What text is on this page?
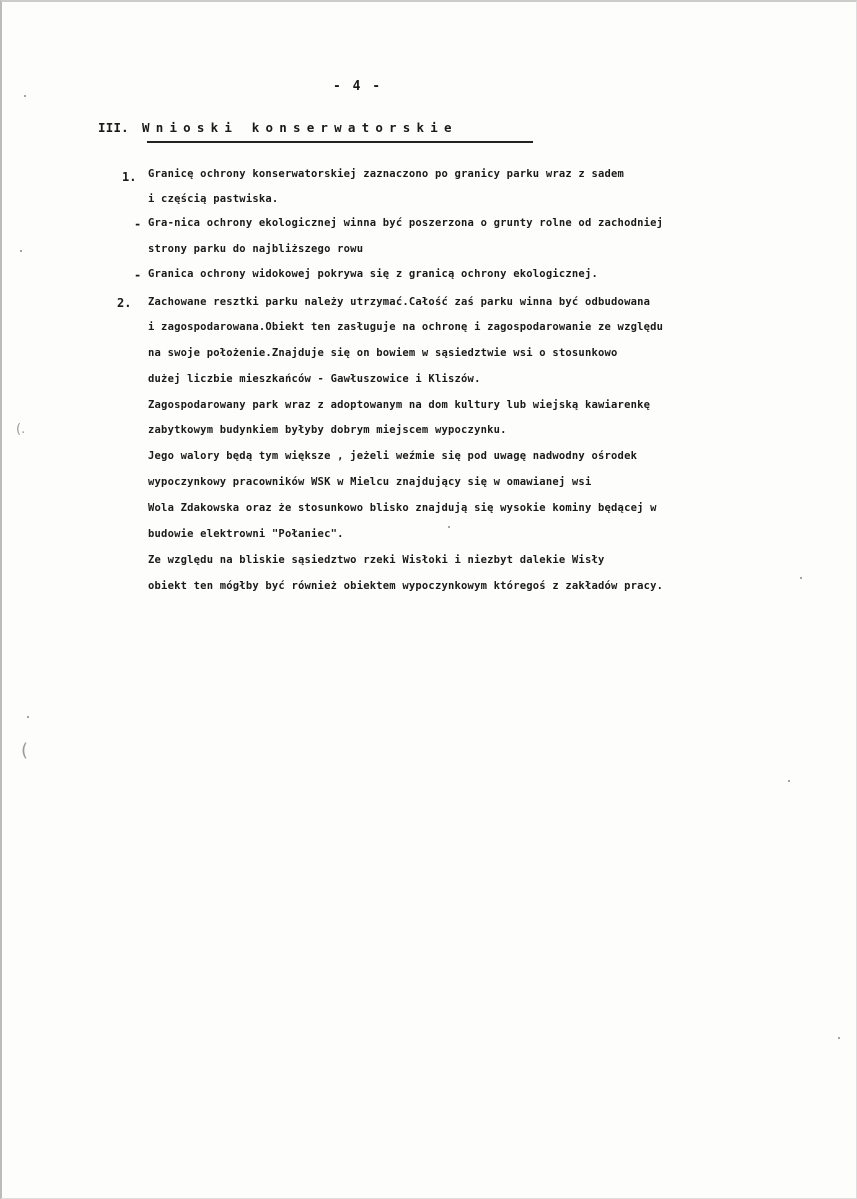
(.
(
- 4 -
III. Wnioski konserwatorskie
1. Granicę ochrony konserwatorskiej zaznaczono po granicy parku wraz z sadem
i częścią pastwiska.
- Gra-nica ochrony ekologicznej winna być poszerzona o grunty rolne od zachodniej
strony parku do najbliższego rowu
- Granica ochrony widokowej pokrywa się z granicą ochrony ekologicznej.
2. Zachowane resztki parku należy utrzymać.Całość zaś parku winna być odbudowana
i zagospodarowana.Obiekt ten zasługuje na ochronę i zagospodarowanie ze względu
na swoje położenie.Znajduje się on bowiem w sąsiedztwie wsi o stosunkowo
dużej liczbie mieszkańców - Gawłuszowice i Kliszów.
Zagospodarowany park wraz z adoptowanym na dom kultury lub wiejską kawiarenkę
zabytkowym budynkiem byłyby dobrym miejscem wypoczynku.
Jego walory będą tym większe , jeżeli weźmie się pod uwagę nadwodny ośrodek
wypoczynkowy pracowników WSK w Mielcu znajdujący się w omawianej wsi
Wola Zdakowska oraz że stosunkowo blisko znajdują się wysokie kominy będącej w
budowie elektrowni "Połaniec".
Ze względu na bliskie sąsiedztwo rzeki Wisłoki i niezbyt dalekie Wisły
obiekt ten mógłby być również obiektem wypoczynkowym któregoś z zakładów pracy.
